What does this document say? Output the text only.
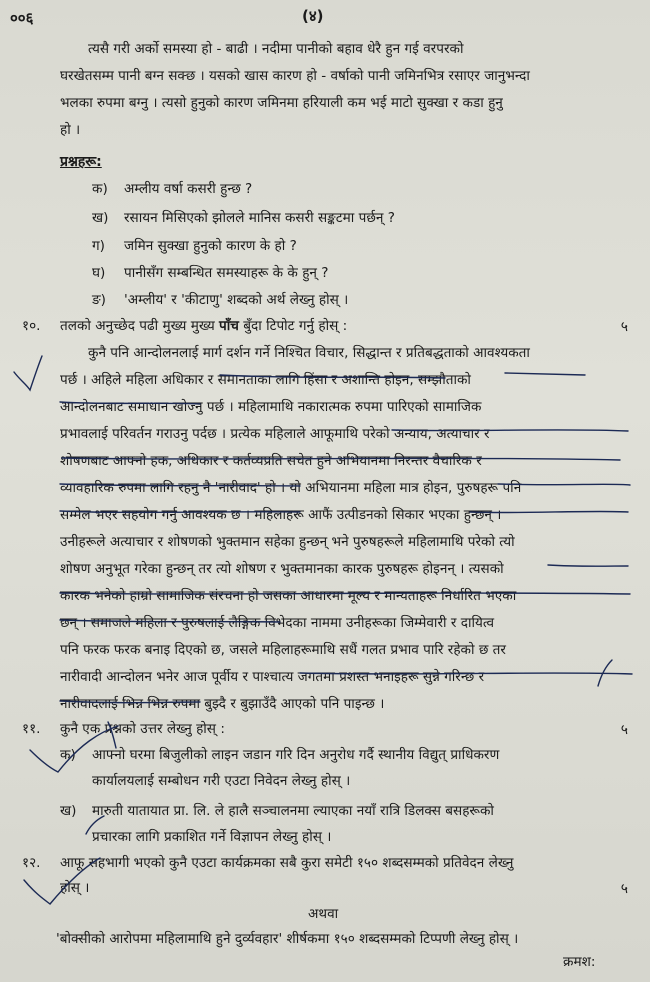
००६	(४)
त्यसै गरी अर्को समस्या हो - बाढी । नदीमा पानीको बहाव धेरै हुन गई वरपरको
घरखेतसम्म पानी बग्न सक्छ । यसको खास कारण हो - वर्षाको पानी जमिनभित्र रसाएर जानुभन्दा
भलका रुपमा बग्नु । त्यसो हुनुको कारण जमिनमा हरियाली कम भई माटो सुक्खा र कडा हुनु
हो ।
प्रश्नहरू:
क) अम्लीय वर्षा कसरी हुन्छ ?
ख) रसायन मिसिएको झोलले मानिस कसरी सङ्कटमा पर्छन् ?
ग) जमिन सुक्खा हुनुको कारण के हो ?
घ) पानीसँग सम्बन्धित समस्याहरू के के हुन् ?
ङ) 'अम्लीय' र 'कीटाणु' शब्दको अर्थ लेख्नु होस् ।
१०. तलको अनुच्छेद पढी मुख्य मुख्य पाँच बुँदा टिपोट गर्नु होस् :	५
कुनै पनि आन्दोलनलाई मार्ग दर्शन गर्ने निश्चित विचार, सिद्धान्त र प्रतिबद्धताको आवश्यकता
पर्छ । अहिले महिला अधिकार र समानताका लागि हिंसा र अशान्ति होइन, सम्झौताको
आन्दोलनबाट समाधान खोज्नु पर्छ । महिलामाथि नकारात्मक रुपमा पारिएको सामाजिक
प्रभावलाई परिवर्तन गराउनु पर्दछ । प्रत्येक महिलाले आफूमाथि परेको अन्याय, अत्याचार र
शोषणबाट आफ्नो हक, अधिकार र कर्तव्यप्रति सचेत हुने अभियानमा निरन्तर वैचारिक र
व्यावहारिक रुपमा लागि रहनु नै 'नारीवाद' हो । यो अभियानमा महिला मात्र होइन, पुरुषहरू पनि
सम्मेल भएर सहयोग गर्नु आवश्यक छ । महिलाहरू आफैं उत्पीडनको सिकार भएका हुन्छन् ।
उनीहरूले अत्याचार र शोषणको भुक्तमान सहेका हुन्छन् भने पुरुषहरूले महिलामाथि परेको त्यो
शोषण अनुभूत गरेका हुन्छन् तर त्यो शोषण र भुक्तमानका कारक पुरुषहरू होइनन् । त्यसको
कारक भनेको हाम्रो सामाजिक संरचना हो जसका आधारमा मूल्य र मान्यताहरू निर्धारित भएका
छन् । समाजले महिला र पुरुषलाई लैङ्गिक विभेदका नाममा उनीहरूका जिम्मेवारी र दायित्व
पनि फरक फरक बनाइ दिएको छ, जसले महिलाहरूमाथि सधैं गलत प्रभाव पारि रहेको छ तर
नारीवादी आन्दोलन भनेर आज पूर्वीय र पाश्चात्य जगतमा प्रशस्त भनाइहरू सुन्ने गरिन्छ र
नारीवादलाई भिन्न भिन्न रुपमा बुझ्दै र बुझाउँदै आएको पनि पाइन्छ ।
११. कुनै एक प्रश्नको उत्तर लेख्नु होस् :	५
क) आफ्नो घरमा बिजुलीको लाइन जडान गरि दिन अनुरोध गर्दै स्थानीय विद्युत् प्राधिकरण
कार्यालयलाई सम्बोधन गरी एउटा निवेदन लेख्नु होस् ।
ख) मारुती यातायात प्रा. लि. ले हालै सञ्चालनमा ल्याएका नयाँ रात्रि डिलक्स बसहरूको
प्रचारका लागि प्रकाशित गर्ने विज्ञापन लेख्नु होस् ।
१२. आफू सहभागी भएको कुनै एउटा कार्यक्रमका सबै कुरा समेटी १५० शब्दसम्मको प्रतिवेदन लेख्नु
होस् ।	५
अथवा
'बोक्सीको आरोपमा महिलामाथि हुने दुर्व्यवहार' शीर्षकमा १५० शब्दसम्मको टिप्पणी लेख्नु होस् ।
क्रमश:
